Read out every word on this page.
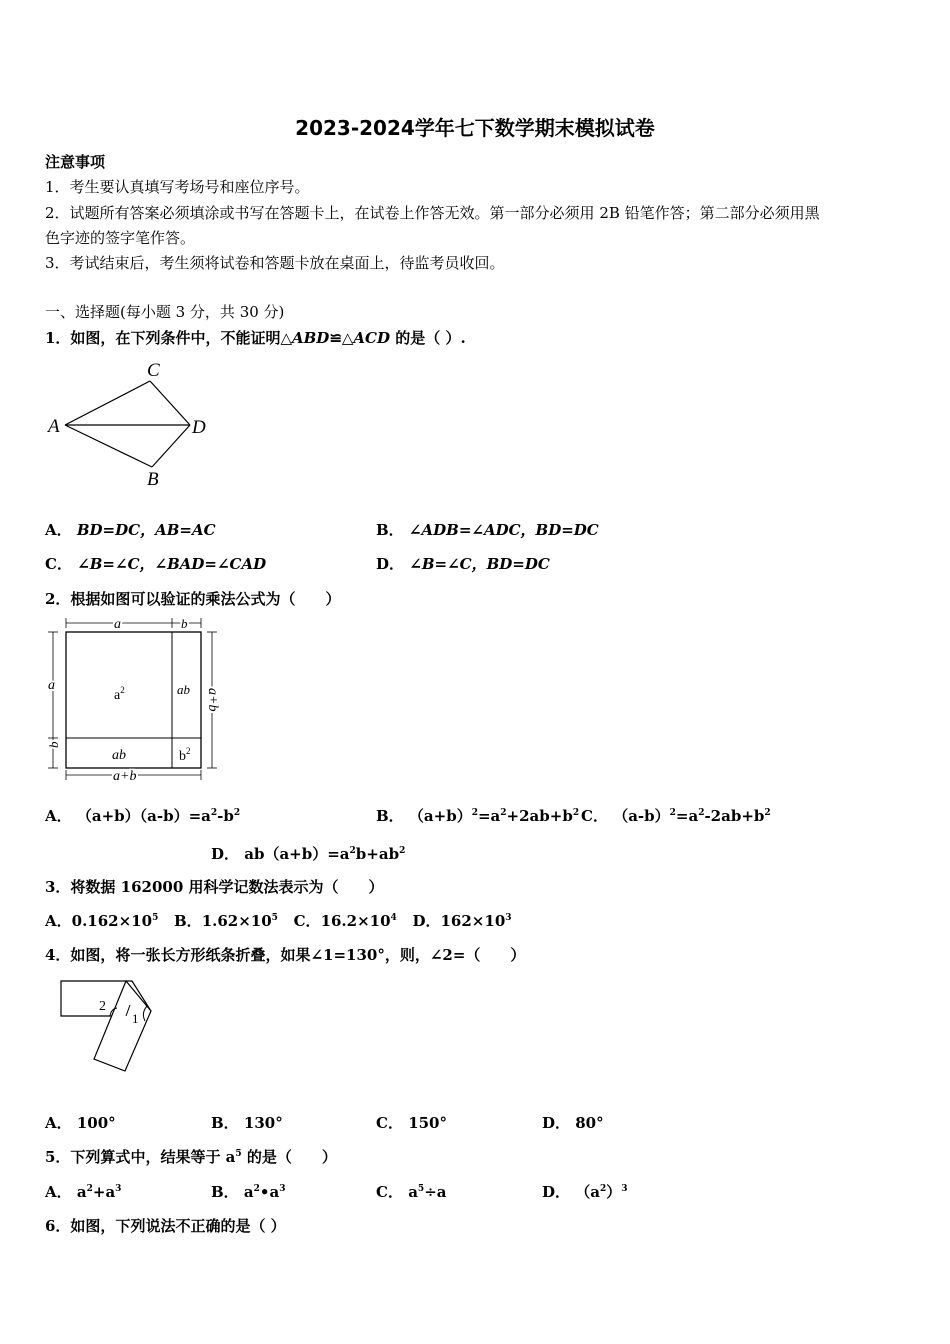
2023-2024学年七下数学期末模拟试卷
注意事项
1．考生要认真填写考场号和座位序号。
2．试题所有答案必须填涂或书写在答题卡上，在试卷上作答无效。第一部分必须用 2B 铅笔作答；第二部分必须用黑
色字迹的签字笔作答。
3．考试结束后，考生须将试卷和答题卡放在桌面上，待监考员收回。
一、选择题(每小题 3 分，共 30 分)
1．如图，在下列条件中，不能证明△ABD≌△ACD 的是（ ）.
A
C
D
B
A． BD=DC，AB=AC	B． ∠ADB=∠ADC，BD=DC
C． ∠B=∠C，∠BAD=∠CAD	D． ∠B=∠C，BD=DC
2．根据如图可以验证的乘法公式为（　　）
a	b
a
b
a+b
a+b
$a^2$	ab
ab	$b^2$
A． $(a+b)(a-b)=a^2-b^2$	B． $(a+b)^2=a^2+2ab+b^2$ C． $(a-b)^2=a^2-2ab+b^2$
D． $ab(a+b)=a^2b+ab^2$
3．将数据 162000 用科学记数法表示为（　　）
A．$0.162\times 10^5$ B．$1.62\times 10^5$ C．$16.2\times 10^4$ D．$162\times 10^3$
4．如图，将一张长方形纸条折叠，如果∠1=130°，则，∠2=（　　）
2
1
A． 100°	B． 130°	C． 150°	D． 80°
5．下列算式中，结果等于 $a^5$ 的是（　　）
A． $a^2+a^3$	B． $a^2•a^3$	C． $a^5\div a$	D． $(a^2)^3$
6．如图，下列说法不正确的是（ ）
